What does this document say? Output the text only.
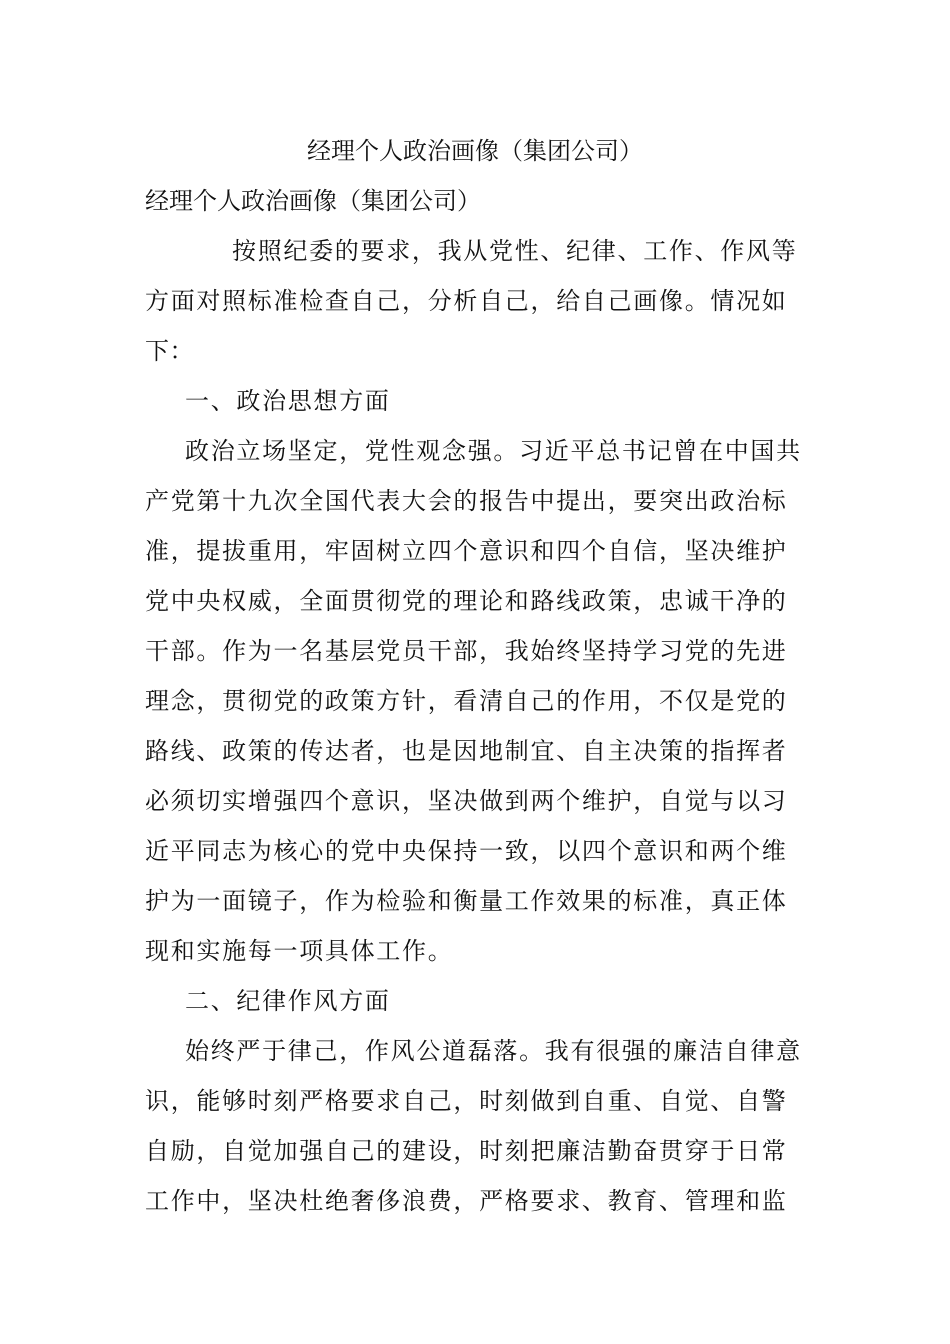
经理个人政治画像（集团公司）
经理个人政治画像（集团公司）
按照纪委的要求，我从党性、纪律、工作、作风等
方面对照标准检查自己，分析自己，给自己画像。情况如
下：
一、政治思想方面
政治立场坚定，党性观念强。习近平总书记曾在中国共
产党第十九次全国代表大会的报告中提出，要突出政治标
准，提拔重用，牢固树立四个意识和四个自信，坚决维护
党中央权威，全面贯彻党的理论和路线政策，忠诚干净的
干部。作为一名基层党员干部，我始终坚持学习党的先进
理念，贯彻党的政策方针，看清自己的作用，不仅是党的
路线、政策的传达者，也是因地制宜、自主决策的指挥者
必须切实增强四个意识，坚决做到两个维护，自觉与以习
近平同志为核心的党中央保持一致，以四个意识和两个维
护为一面镜子，作为检验和衡量工作效果的标准，真正体
现和实施每一项具体工作。
二、纪律作风方面
始终严于律己，作风公道磊落。我有很强的廉洁自律意
识，能够时刻严格要求自己，时刻做到自重、自觉、自警
自励，自觉加强自己的建设，时刻把廉洁勤奋贯穿于日常
工作中，坚决杜绝奢侈浪费，严格要求、教育、管理和监
